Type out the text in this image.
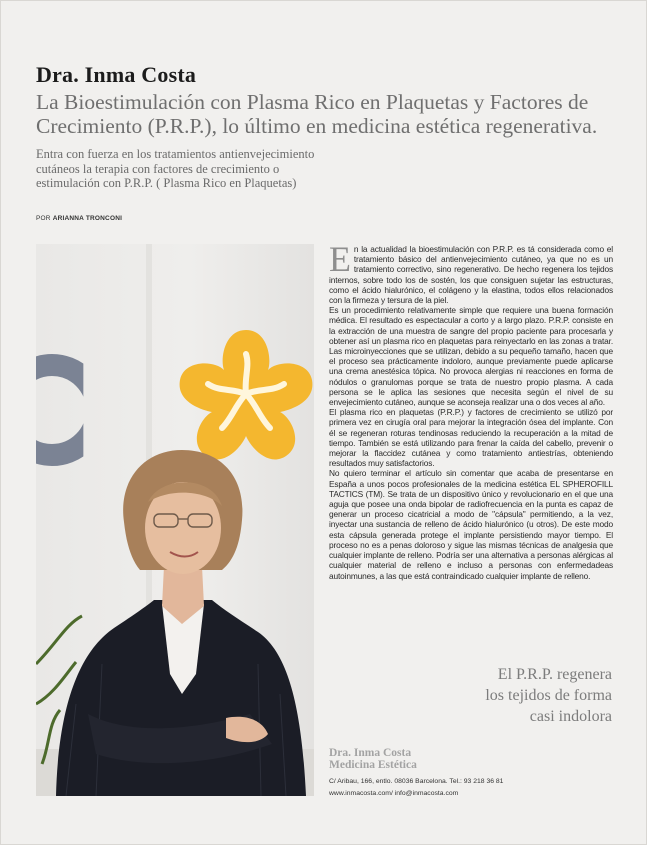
Dra. Inma Costa
La Bioestimulación con Plasma Rico en Plaquetas y Factores de Crecimiento (P.R.P.), lo último en medicina estética regenerativa.

Entra con fuerza en los tratamientos antienvejecimiento cutáneos la terapia con factores de crecimiento o estimulación con P.R.P. ( Plasma Rico en Plaquetas)

POR ARIANNA TRONCONI

En la actualidad la bioestimulación con P.R.P. es tá considerada como el tratamiento básico del antienvejecimiento cutáneo, ya que no es un tratamiento correctivo, sino regenerativo. De hecho regenera los tejidos internos, sobre todo los de sostén, los que consiguen sujetar las estructuras, como el ácido hialurónico, el colágeno y la elastina, todos ellos relacionados con la firmeza y tersura de la piel.

Es un procedimiento relativamente simple que requiere una buena formación médica. El resultado es espectacular a corto y a largo plazo. P.R.P. consiste en la extracción de una muestra de sangre del propio paciente para procesarla y obtener así un plasma rico en plaquetas para reinyectarlo en las zonas a tratar. Las microinyecciones que se utilizan, debido a su pequeño tamaño, hacen que el proceso sea prácticamente indoloro, aunque previamente puede aplicarse una crema anestésica tópica. No provoca alergias ni reacciones en forma de nódulos o granulomas porque se trata de nuestro propio plasma. A cada persona se le aplica las sesiones que necesita según el nivel de su envejecimiento cutáneo, aunque se aconseja realizar una o dos veces al año.

El plasma rico en plaquetas (P.R.P.) y factores de crecimiento se utilizó por primera vez en cirugía oral para mejorar la integración ósea del implante. Con él se regeneran roturas tendinosas reduciendo la recuperación a la mitad de tiempo. También se está utilizando para frenar la caída del cabello, prevenir o mejorar la flaccidez cutánea y como tratamiento antiestrías, obteniendo resultados muy satisfactorios.

No quiero terminar el artículo sin comentar que acaba de presentarse en España a unos pocos profesionales de la medicina estética EL SPHEROFILL TACTICS (TM). Se trata de un dispositivo único y revolucionario en el que una aguja que posee una onda bipolar de radiofrecuencia en la punta es capaz de generar un proceso cicatricial a modo de "cápsula" permitiendo, a la vez, inyectar una sustancia de relleno de ácido hialurónico (u otros). De este modo esta cápsula generada protege el implante persistiendo mayor tiempo. El proceso no es a penas doloroso y sigue las mismas técnicas de analgesia que cualquier implante de relleno. Podría ser una alternativa a personas alérgicas al cualquier material de relleno e incluso a personas con enfermedadeas autoinmunes, a las que está contraindicado cualquier implante de relleno.

El P.R.P. regenera
los tejidos de forma
casi indolora
Dra. Inma Costa
Medicina Estética
C/ Aribau, 166, entlo. 08036 Barcelona. Tel.: 93 218 36 81
www.inmacosta.com/ info@inmacosta.com
